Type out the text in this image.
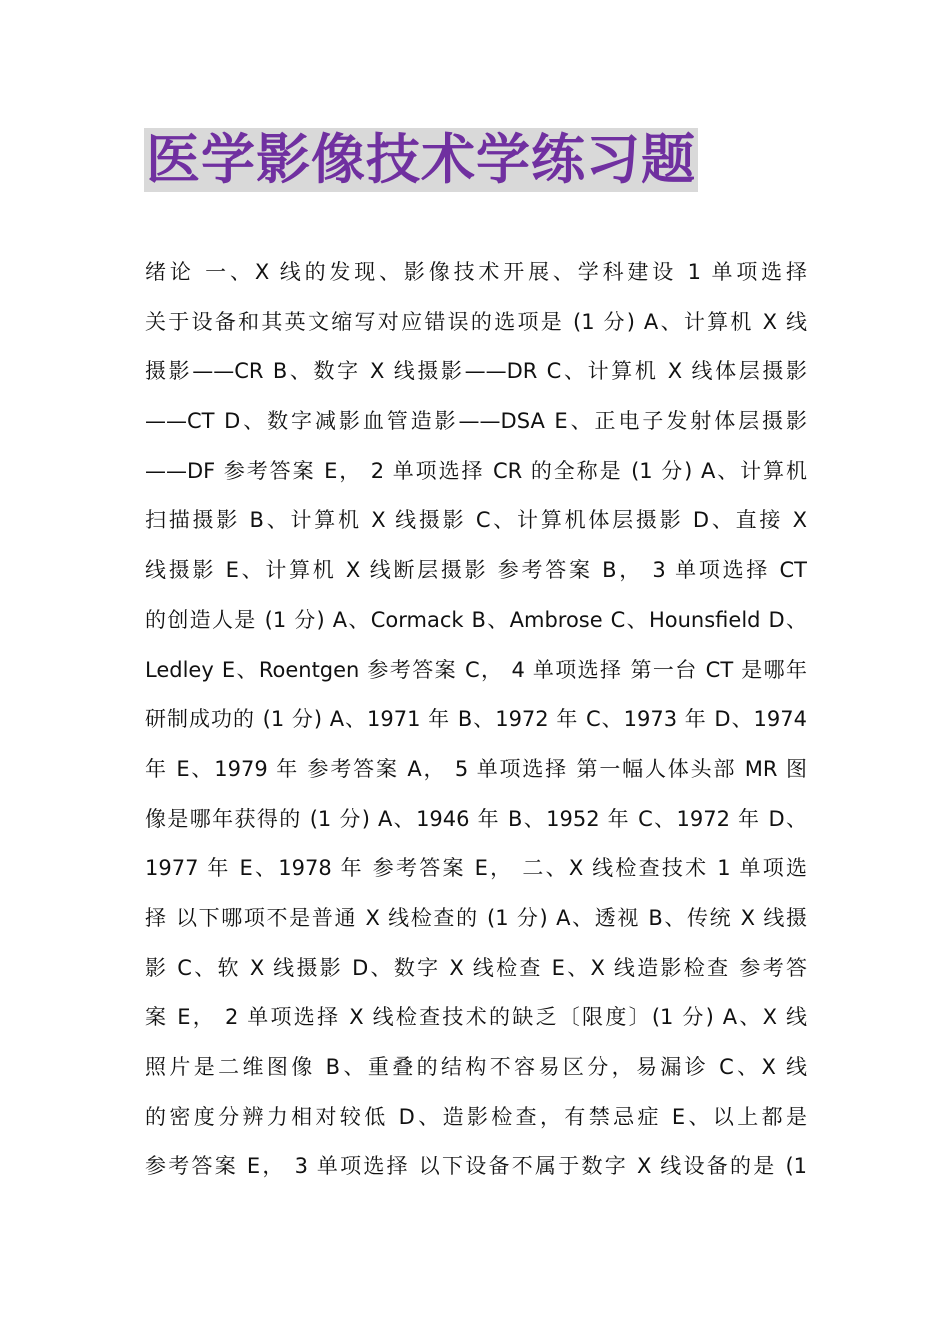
医学影像技术学练习题
绪论 一、X 线的发现、影像技术开展、学科建设 1 单项选择
关于设备和其英文缩写对应错误的选项是 (1 分) A、计算机 X 线
摄影——CR B、数字 X 线摄影——DR C、计算机 X 线体层摄影
——CT D、数字减影血管造影——DSA E、正电子发射体层摄影
——DF 参考答案 E， 2 单项选择 CR 的全称是 (1 分) A、计算机
扫描摄影 B、计算机 X 线摄影 C、计算机体层摄影 D、直接 X
线摄影 E、计算机 X 线断层摄影 参考答案 B， 3 单项选择 CT
的创造人是 (1 分) A、Cormack B、Ambrose C、Hounsfield D、
Ledley E、Roentgen 参考答案 C， 4 单项选择 第一台 CT 是哪年
研制成功的 (1 分) A、1971 年 B、1972 年 C、1973 年 D、1974
年 E、1979 年 参考答案 A， 5 单项选择 第一幅人体头部 MR 图
像是哪年获得的 (1 分) A、1946 年 B、1952 年 C、1972 年 D、
1977 年 E、1978 年 参考答案 E， 二、X 线检查技术 1 单项选
择 以下哪项不是普通 X 线检查的 (1 分) A、透视 B、传统 X 线摄
影 C、软 X 线摄影 D、数字 X 线检查 E、X 线造影检查 参考答
案 E， 2 单项选择 X 线检查技术的缺乏〔限度〕(1 分) A、X 线
照片是二维图像 B、重叠的结构不容易区分，易漏诊 C、X 线
的密度分辨力相对较低 D、造影检查，有禁忌症 E、以上都是
参考答案 E， 3 单项选择 以下设备不属于数字 X 线设备的是 (1
